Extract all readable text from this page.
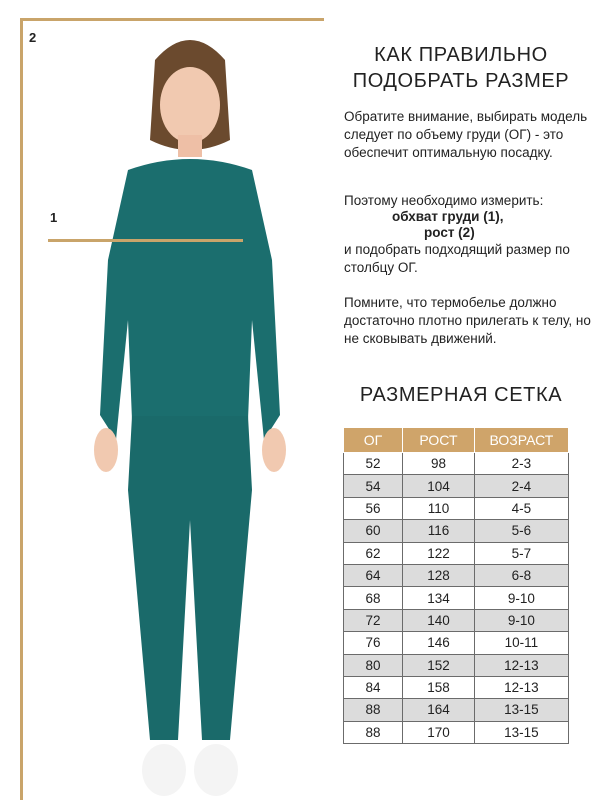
2
1
КАК ПРАВИЛЬНО
ПОДОБРАТЬ РАЗМЕР
Обратите внимание, выбирать модель следует по объему груди (ОГ) - это обеспечит оптимальную посадку.
Поэтому необходимо измерить:
обхват груди (1),
рост (2)
и подобрать подходящий размер по столбцу ОГ.
Помните, что термобелье должно достаточно плотно прилегать к телу, но не сковывать движений.
РАЗМЕРНАЯ СЕТКА
ОГ	РОСТ	ВОЗРАСТ
52	98	2-3
54	104	2-4
56	110	4-5
60	116	5-6
62	122	5-7
64	128	6-8
68	134	9-10
72	140	9-10
76	146	10-11
80	152	12-13
84	158	12-13
88	164	13-15
88	170	13-15
